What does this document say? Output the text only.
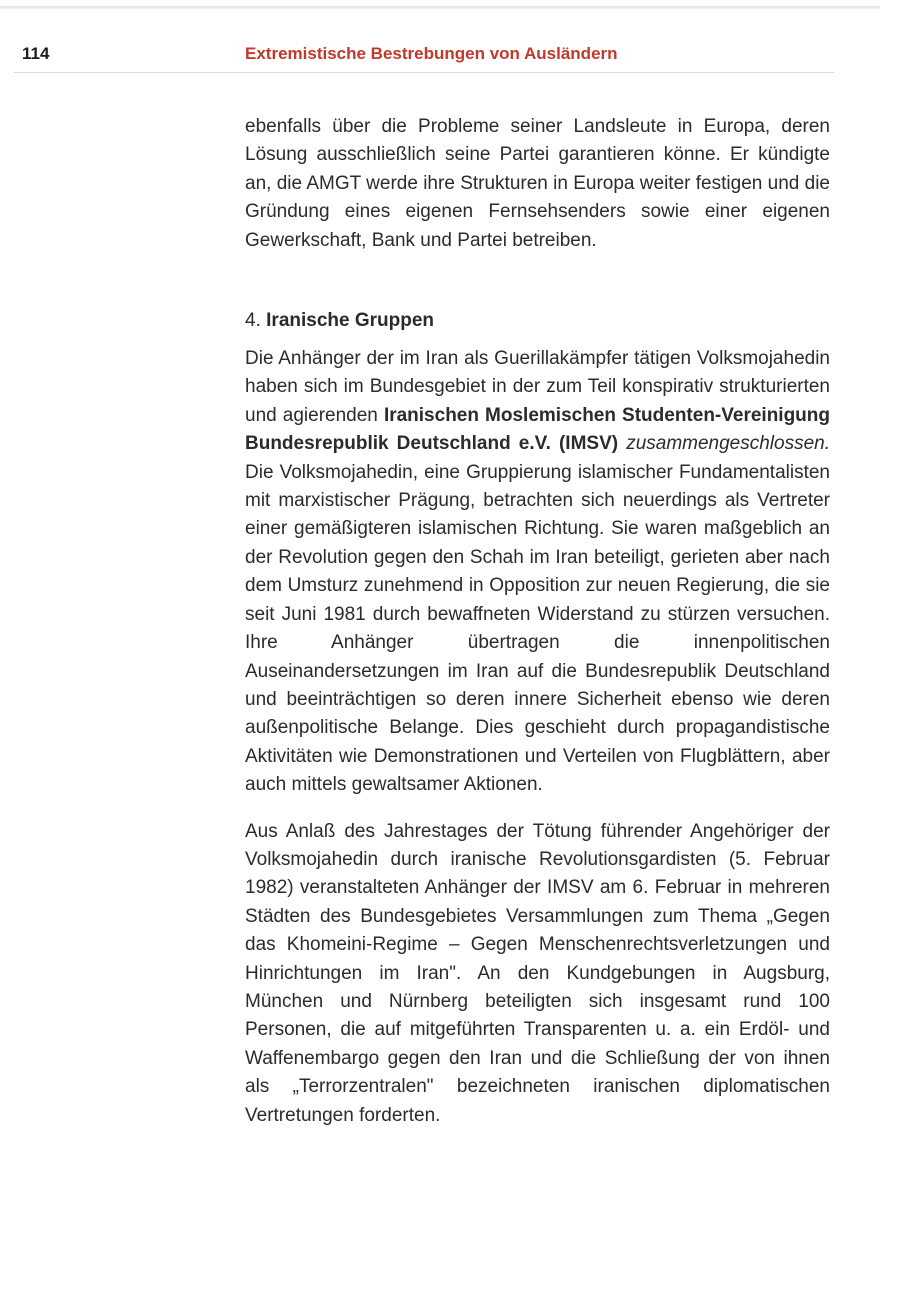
114	Extremistische Bestrebungen von Ausländern

ebenfalls über die Probleme seiner Landsleute in Europa, deren Lösung ausschließlich seine Partei garantieren könne. Er kündigte an, die AMGT werde ihre Strukturen in Europa weiter festigen und die Gründung eines eigenen Fernsehsenders sowie einer eigenen Gewerkschaft, Bank und Partei betreiben.

4. Iranische Gruppen

Die Anhänger der im Iran als Guerillakämpfer tätigen Volksmojahedin haben sich im Bundesgebiet in der zum Teil konspirativ strukturierten und agierenden Iranischen Moslemischen Studenten-Vereinigung Bundesrepublik Deutschland e.V. (IMSV) zusammengeschlossen. Die Volksmojahedin, eine Gruppierung islamischer Fundamentalisten mit marxistischer Prägung, betrachten sich neuerdings als Vertreter einer gemäßigteren islamischen Richtung. Sie waren maßgeblich an der Revolution gegen den Schah im Iran beteiligt, gerieten aber nach dem Umsturz zunehmend in Opposition zur neuen Regierung, die sie seit Juni 1981 durch bewaffneten Widerstand zu stürzen versuchen. Ihre Anhänger übertragen die innenpolitischen Auseinandersetzungen im Iran auf die Bundesrepublik Deutschland und beeinträchtigen so deren innere Sicherheit ebenso wie deren außenpolitische Belange. Dies geschieht durch propagandistische Aktivitäten wie Demonstrationen und Verteilen von Flugblättern, aber auch mittels gewaltsamer Aktionen.

Aus Anlaß des Jahrestages der Tötung führender Angehöriger der Volksmojahedin durch iranische Revolutionsgardisten (5. Februar 1982) veranstalteten Anhänger der IMSV am 6. Februar in mehreren Städten des Bundesgebietes Versammlungen zum Thema „Gegen das Khomeini-Regime – Gegen Menschenrechtsverletzungen und Hinrichtungen im Iran". An den Kundgebungen in Augsburg, München und Nürnberg beteiligten sich insgesamt rund 100 Personen, die auf mitgeführten Transparenten u. a. ein Erdöl- und Waffenembargo gegen den Iran und die Schließung der von ihnen als „Terrorzentralen" bezeichneten iranischen diplomatischen Vertretungen forderten.
